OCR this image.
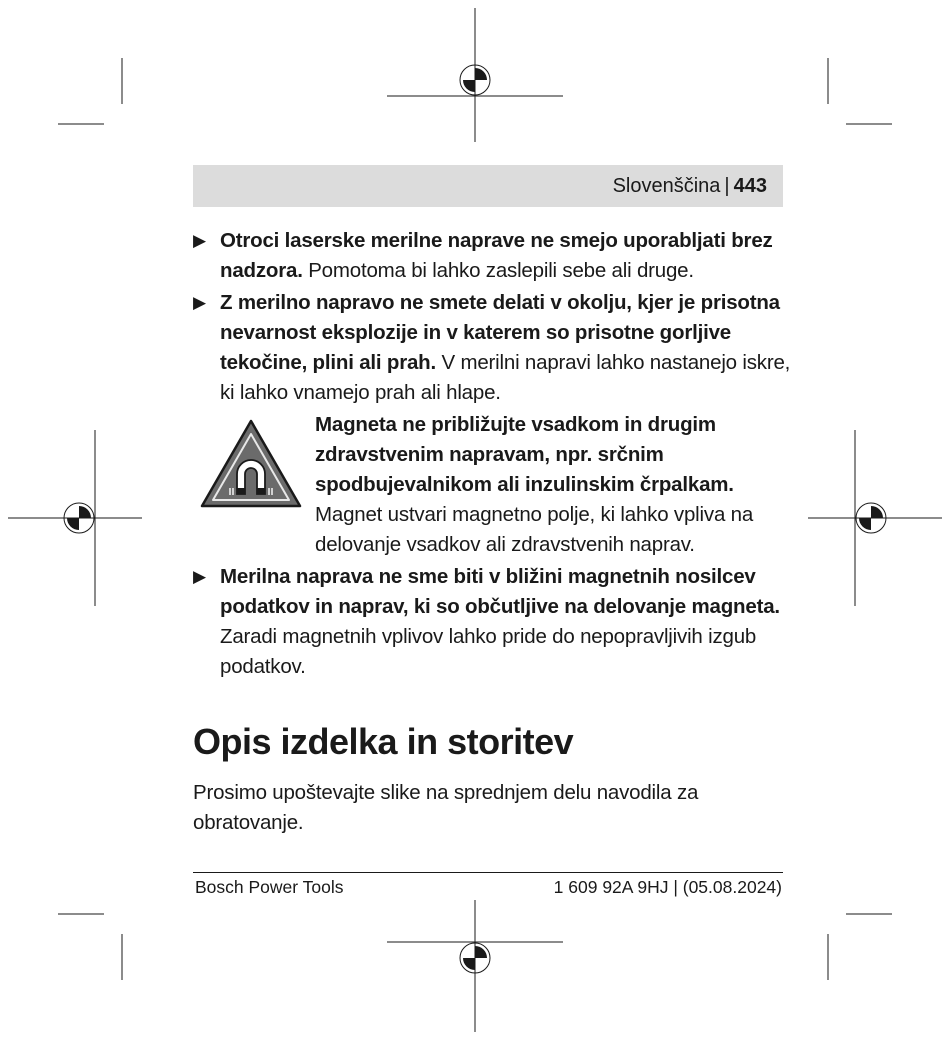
Slovenščina | 443
▶ Otroci laserske merilne naprave ne smejo uporabljati brez nadzora. Pomotoma bi lahko zaslepili sebe ali druge.
▶ Z merilno napravo ne smete delati v okolju, kjer je prisotna nevarnost eksplozije in v katerem so prisotne gorljive tekočine, plini ali prah. V merilni napravi lahko nastanejo iskre, ki lahko vnamejo prah ali hlape.
Magneta ne približujte vsadkom in drugim zdravstvenim napravam, npr. srčnim spodbujevalnikom ali inzulinskim črpalkam.
Magnet ustvari magnetno polje, ki lahko vpliva na delovanje vsadkov ali zdravstvenih naprav.
▶ Merilna naprava ne sme biti v bližini magnetnih nosilcev podatkov in naprav, ki so občutljive na delovanje magneta. Zaradi magnetnih vplivov lahko pride do nepopravljivih izgub podatkov.
Opis izdelka in storitev
Prosimo upoštevajte slike na sprednjem delu navodila za obratovanje.
Bosch Power Tools	1 609 92A 9HJ | (05.08.2024)
